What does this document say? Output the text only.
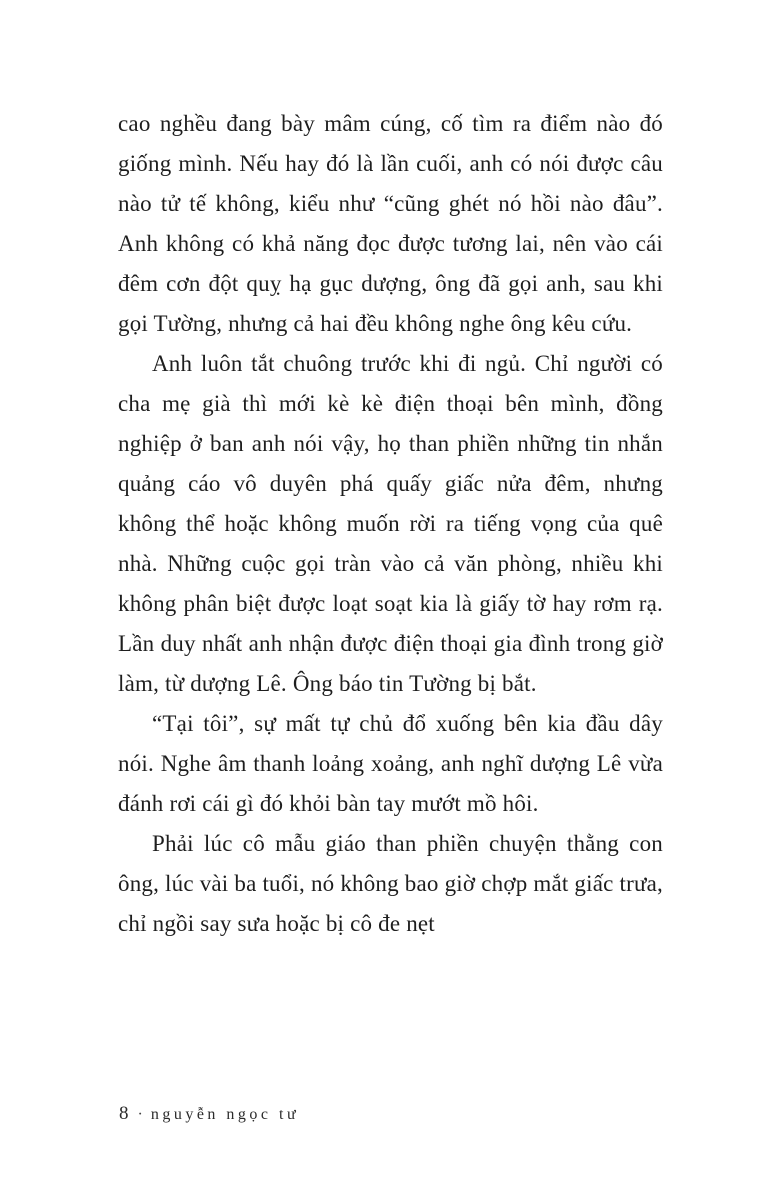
cao nghều đang bày mâm cúng, cố tìm ra điểm nào đó giống mình. Nếu hay đó là lần cuối, anh có nói được câu nào tử tế không, kiểu như “cũng ghét nó hồi nào đâu”. Anh không có khả năng đọc được tương lai, nên vào cái đêm cơn đột quỵ hạ gục dượng, ông đã gọi anh, sau khi gọi Tường, nhưng cả hai đều không nghe ông kêu cứu.

Anh luôn tắt chuông trước khi đi ngủ. Chỉ người có cha mẹ già thì mới kè kè điện thoại bên mình, đồng nghiệp ở ban anh nói vậy, họ than phiền những tin nhắn quảng cáo vô duyên phá quấy giấc nửa đêm, nhưng không thể hoặc không muốn rời ra tiếng vọng của quê nhà. Những cuộc gọi tràn vào cả văn phòng, nhiều khi không phân biệt được loạt soạt kia là giấy tờ hay rơm rạ. Lần duy nhất anh nhận được điện thoại gia đình trong giờ làm, từ dượng Lê. Ông báo tin Tường bị bắt.

“Tại tôi”, sự mất tự chủ đổ xuống bên kia đầu dây nói. Nghe âm thanh loảng xoảng, anh nghĩ dượng Lê vừa đánh rơi cái gì đó khỏi bàn tay mướt mồ hôi.

Phải lúc cô mẫu giáo than phiền chuyện thằng con ông, lúc vài ba tuổi, nó không bao giờ chợp mắt giấc trưa, chỉ ngồi say sưa hoặc bị cô đe nẹt

8 · nguyễn ngọc tư
